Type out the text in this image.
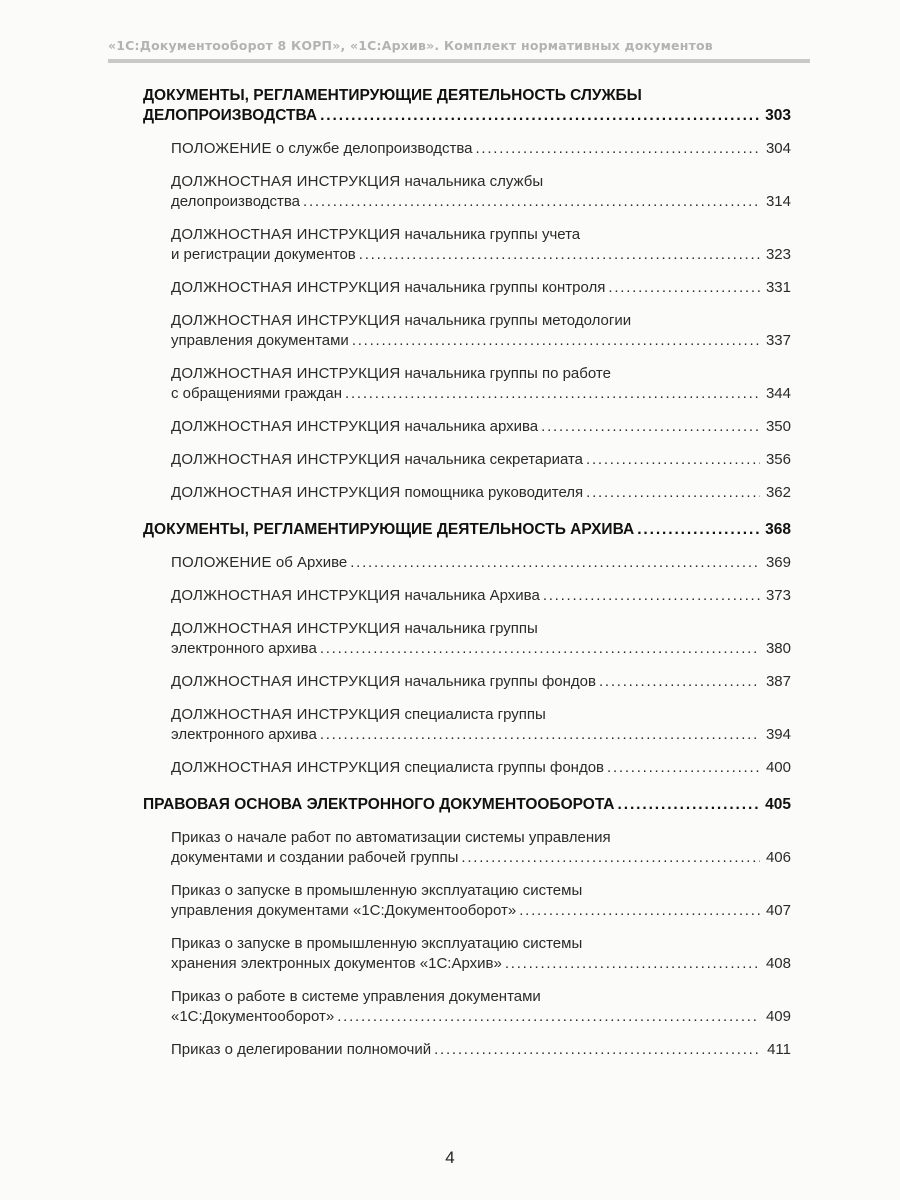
«1С:Документооборот 8 КОРП», «1С:Архив». Комплект нормативных документов
ДОКУМЕНТЫ, РЕГЛАМЕНТИРУЮЩИЕ ДЕЯТЕЛЬНОСТЬ СЛУЖБЫ
ДЕЛОПРОИЗВОДСТВА . . .	303
ПОЛОЖЕНИЕ о службе делопроизводства . . .	304
ДОЛЖНОСТНАЯ ИНСТРУКЦИЯ начальника службы
делопроизводства . . .	314
ДОЛЖНОСТНАЯ ИНСТРУКЦИЯ начальника группы учета
и регистрации документов . . .	323
ДОЛЖНОСТНАЯ ИНСТРУКЦИЯ начальника группы контроля . . .	331
ДОЛЖНОСТНАЯ ИНСТРУКЦИЯ начальника группы методологии
управления документами . . .	337
ДОЛЖНОСТНАЯ ИНСТРУКЦИЯ начальника группы по работе
с обращениями граждан . . .	344
ДОЛЖНОСТНАЯ ИНСТРУКЦИЯ начальника архива . . .	350
ДОЛЖНОСТНАЯ ИНСТРУКЦИЯ начальника секретариата . . .	356
ДОЛЖНОСТНАЯ ИНСТРУКЦИЯ помощника руководителя . . .	362
ДОКУМЕНТЫ, РЕГЛАМЕНТИРУЮЩИЕ ДЕЯТЕЛЬНОСТЬ АРХИВА . . .	368
ПОЛОЖЕНИЕ об Архиве . . .	369
ДОЛЖНОСТНАЯ ИНСТРУКЦИЯ начальника Архива . . .	373
ДОЛЖНОСТНАЯ ИНСТРУКЦИЯ начальника группы
электронного архива . . .	380
ДОЛЖНОСТНАЯ ИНСТРУКЦИЯ начальника группы фондов . . .	387
ДОЛЖНОСТНАЯ ИНСТРУКЦИЯ специалиста группы
электронного архива . . .	394
ДОЛЖНОСТНАЯ ИНСТРУКЦИЯ специалиста группы фондов . . .	400
ПРАВОВАЯ ОСНОВА ЭЛЕКТРОННОГО ДОКУМЕНТООБОРОТА . . .	405
Приказ о начале работ по автоматизации системы управления
документами и создании рабочей группы . . .	406
Приказ о запуске в промышленную эксплуатацию системы
управления документами «1С:Документооборот» . . .	407
Приказ о запуске в промышленную эксплуатацию системы
хранения электронных документов «1С:Архив» . . .	408
Приказ о работе в системе управления документами
«1С:Документооборот» . . .	409
Приказ о делегировании полномочий . . .	411
4
